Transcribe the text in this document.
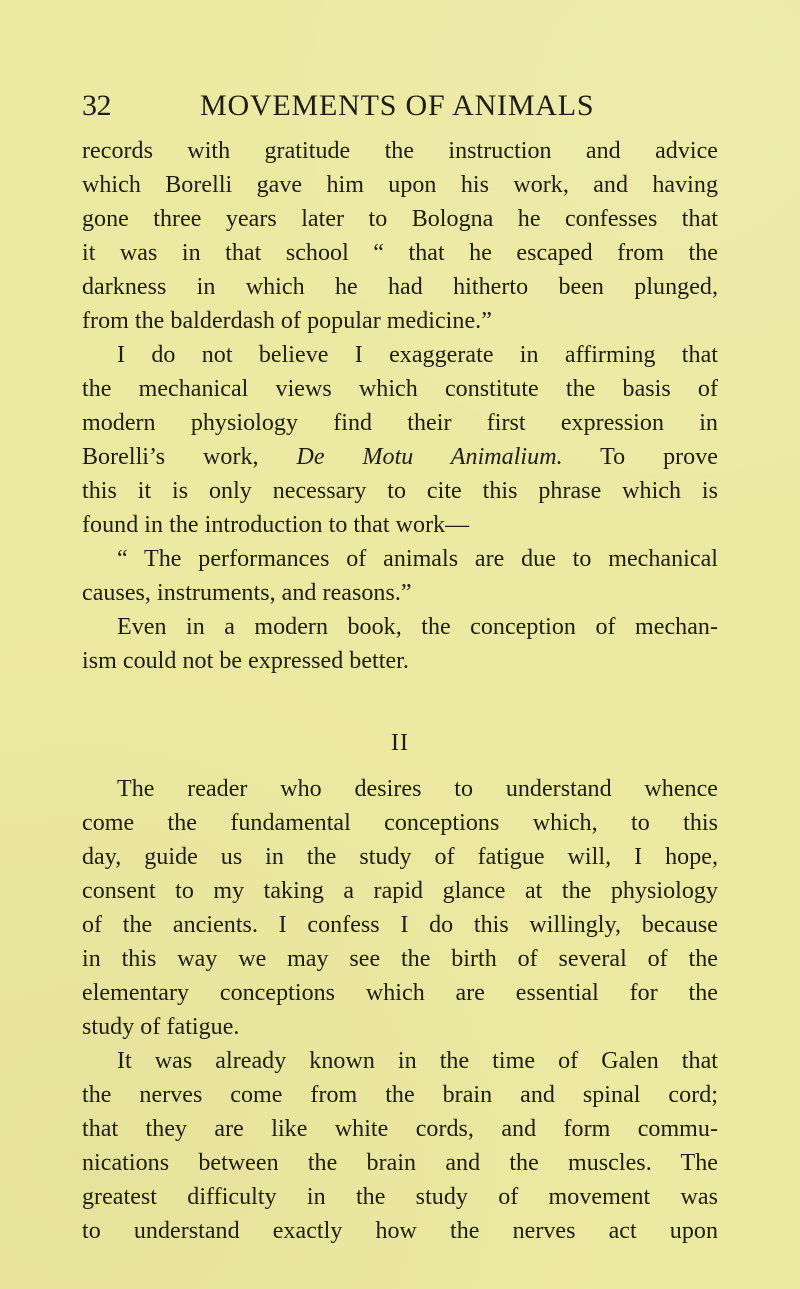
32	MOVEMENTS OF ANIMALS
records with gratitude the instruction and advice
which Borelli gave him upon his work, and having
gone three years later to Bologna he confesses that
it was in that school “ that he escaped from the
darkness in which he had hitherto been plunged,
from the balderdash of popular medicine.”
I do not believe I exaggerate in affirming that
the mechanical views which constitute the basis of
modern physiology find their first expression in
Borelli’s work, De Motu Animalium. To prove
this it is only necessary to cite this phrase which is
found in the introduction to that work—
“ The performances of animals are due to mechanical
causes, instruments, and reasons.”
Even in a modern book, the conception of mechan-
ism could not be expressed better.
II
The reader who desires to understand whence
come the fundamental conceptions which, to this
day, guide us in the study of fatigue will, I hope,
consent to my taking a rapid glance at the physiology
of the ancients. I confess I do this willingly, because
in this way we may see the birth of several of the
elementary conceptions which are essential for the
study of fatigue.
It was already known in the time of Galen that
the nerves come from the brain and spinal cord;
that they are like white cords, and form commu-
nications between the brain and the muscles. The
greatest difficulty in the study of movement was
to understand exactly how the nerves act upon
